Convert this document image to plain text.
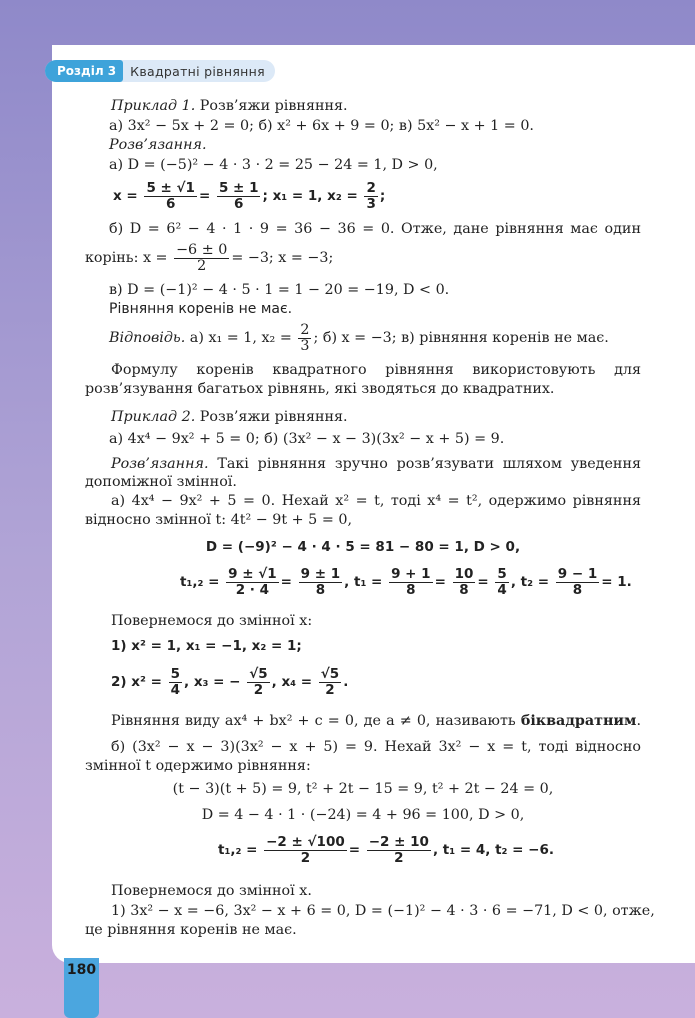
Розділ 3	Квадратні рівняння
Приклад 1. Розв’яжи рівняння.
а) 3x² − 5x + 2 = 0; б) x² + 6x + 9 = 0; в) 5x² − x + 1 = 0.
Розв’язання.
а) D = (−5)² − 4 · 3 · 2 = 25 − 24 = 1, D > 0,
$x = \frac{5 \pm √1}{6} = \frac{5 \pm 1}{6}$ ; x₁ = 1, $x_2 = \frac{2}{3}$ ;
б) D = 6² − 4 · 1 · 9 = 36 − 36 = 0. Отже, дане рівняння має один
корінь: $x = \frac{-6 \pm 0}{2} = -3$; x = −3;
в) D = (−1)² − 4 · 5 · 1 = 1 − 20 = −19, D < 0.
Рівняння коренів не має.
Відповідь. а) x₁ = 1, $x_2 = \frac{2}{3}$ ; б) x = −3; в) рівняння коренів не має.
Формулу коренів квадратного рівняння використовують для
розв’язування багатьох рівнянь, які зводяться до квадратних.
Приклад 2. Розв’яжи рівняння.
а) 4x⁴ − 9x² + 5 = 0; б) (3x² − x − 3)(3x² − x + 5) = 9.
Розв’язання. Такі рівняння зручно розв’язувати шляхом уведення
допоміжної змінної.
а) 4x⁴ − 9x² + 5 = 0. Нехай x² = t, тоді x⁴ = t², одержимо рівняння
відносно змінної t: 4t² − 9t + 5 = 0,
D = (−9)² − 4 · 4 · 5 = 81 − 80 = 1, D > 0,
$t_1,_2 = \frac{9 \pm √1}{2 \cdot 4} = \frac{9 \pm 1}{8}$ , $t_1 = \frac{9 + 1}{8} = \frac{10}{8} = \frac{5}{4}$ , $t_2 = \frac{9 - 1}{8} = 1$.
Повернемося до змінної x:
1) x² = 1, x₁ = −1, x₂ = 1;
2) $x^2 = \frac{5}{4}$ , x₃ = − $\frac{√5}{2}$ , $x_4 = \frac{√5}{2}$ .
Рівняння виду ax⁴ + bx² + c = 0, де a ≠ 0, називають біквадратним.
б) (3x² − x − 3)(3x² − x + 5) = 9. Нехай 3x² − x = t, тоді відносно
змінної t одержимо рівняння:
(t − 3)(t + 5) = 9, t² + 2t − 15 = 9, t² + 2t − 24 = 0,
D = 4 − 4 · 1 · (−24) = 4 + 96 = 100, D > 0,
$t_1,_2 = \frac{-2 \pm √100}{2} = \frac{-2 \pm 10}{2}$ , t₁ = 4, t₂ = −6.
Повернемося до змінної x.
1) 3x² − x = −6, 3x² − x + 6 = 0, D = (−1)² − 4 · 3 · 6 = −71, D < 0, отже,
це рівняння коренів не має.
180
